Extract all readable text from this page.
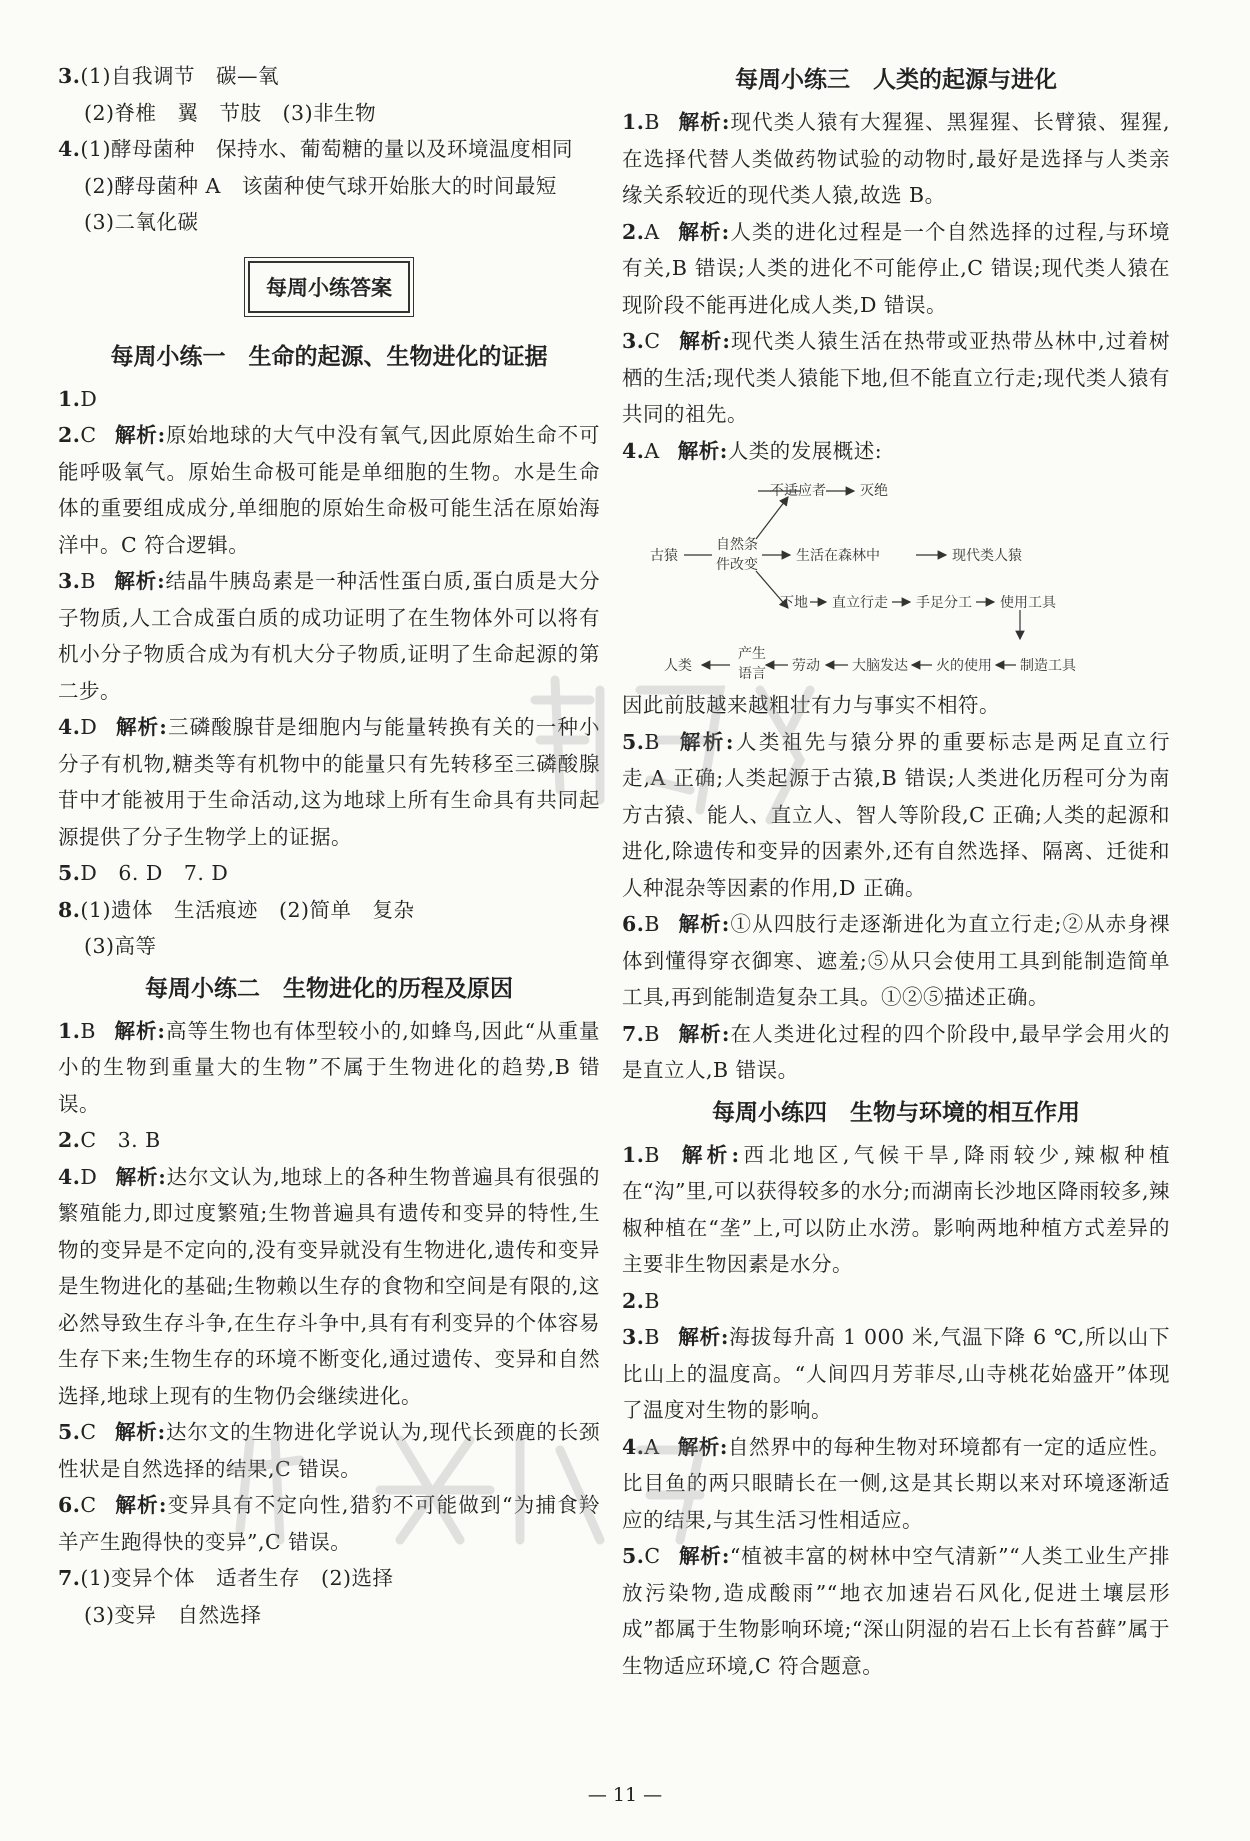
3.(1)自我调节　碳—氧

(2)脊椎　翼　节肢　(3)非生物

4.(1)酵母菌种　保持水、葡萄糖的量以及环境温度相同

(2)酵母菌种 A　该菌种使气球开始胀大的时间最短

(3)二氧化碳

每周小练答案
每周小练一　生命的起源、生物进化的证据

1.D

2.C 解析:原始地球的大气中没有氧气,因此原始生命不可能呼吸氧气。原始生命极可能是单细胞的生物。水是生命体的重要组成成分,单细胞的原始生命极可能生活在原始海洋中。C 符合逻辑。

3.B 解析:结晶牛胰岛素是一种活性蛋白质,蛋白质是大分子物质,人工合成蛋白质的成功证明了在生物体外可以将有机小分子物质合成为有机大分子物质,证明了生命起源的第二步。

4.D 解析:三磷酸腺苷是细胞内与能量转换有关的一种小分子有机物,糖类等有机物中的能量只有先转移至三磷酸腺苷中才能被用于生命活动,这为地球上所有生命具有共同起源提供了分子生物学上的证据。

5.D　6. D　7. D

8.(1)遗体　生活痕迹　(2)简单　复杂

(3)高等

每周小练二　生物进化的历程及原因

1.B 解析:高等生物也有体型较小的,如蜂鸟,因此“从重量小的生物到重量大的生物”不属于生物进化的趋势,B 错误。

2.C　3. B

4.D 解析:达尔文认为,地球上的各种生物普遍具有很强的繁殖能力,即过度繁殖;生物普遍具有遗传和变异的特性,生物的变异是不定向的,没有变异就没有生物进化,遗传和变异是生物进化的基础;生物赖以生存的食物和空间是有限的,这必然导致生存斗争,在生存斗争中,具有有利变异的个体容易生存下来;生物生存的环境不断变化,通过遗传、变异和自然选择,地球上现有的生物仍会继续进化。

5.C 解析:达尔文的生物进化学说认为,现代长颈鹿的长颈性状是自然选择的结果,C 错误。

6.C 解析:变异具有不定向性,猎豹不可能做到“为捕食羚羊产生跑得快的变异”,C 错误。

7.(1)变异个体　适者生存　(2)选择

(3)变异　自然选择

每周小练三　人类的起源与进化

1.B 解析:现代类人猿有大猩猩、黑猩猩、长臂猿、猩猩,在选择代替人类做药物试验的动物时,最好是选择与人类亲缘关系较近的现代类人猿,故选 B。

2.A 解析:人类的进化过程是一个自然选择的过程,与环境有关,B 错误;人类的进化不可能停止,C 错误;现代类人猿在现阶段不能再进化成人类,D 错误。

3.C 解析:现代类人猿生活在热带或亚热带丛林中,过着树栖的生活;现代类人猿能下地,但不能直立行走;现代类人猿有共同的祖先。

4.A 解析:人类的发展概述:

不适应者 灭绝
古猿
自然条
件改变
生活在森林中	现代类人猿
下地 直立行走 手足分工 使用工具
人类
产生
语言 劳动 大脑发达 火的使用 制造工具

因此前肢越来越粗壮有力与事实不相符。

5.B 解析:人类祖先与猿分界的重要标志是两足直立行走,A 正确;人类起源于古猿,B 错误;人类进化历程可分为南方古猿、能人、直立人、智人等阶段,C 正确;人类的起源和进化,除遗传和变异的因素外,还有自然选择、隔离、迁徙和人种混杂等因素的作用,D 正确。

6.B 解析:①从四肢行走逐渐进化为直立行走;②从赤身裸体到懂得穿衣御寒、遮羞;⑤从只会使用工具到能制造简单工具,再到能制造复杂工具。①②⑤描述正确。

7.B 解析:在人类进化过程的四个阶段中,最早学会用火的是直立人,B 错误。

每周小练四　生物与环境的相互作用

1.B 解析:西北地区,气候干旱,降雨较少,辣椒种植在“沟”里,可以获得较多的水分;而湖南长沙地区降雨较多,辣椒种植在“垄”上,可以防止水涝。影响两地种植方式差异的主要非生物因素是水分。

2.B

3.B 解析:海拔每升高 1 000 米,气温下降 6 ℃,所以山下比山上的温度高。“人间四月芳菲尽,山寺桃花始盛开”体现了温度对生物的影响。

4.A 解析:自然界中的每种生物对环境都有一定的适应性。比目鱼的两只眼睛长在一侧,这是其长期以来对环境逐渐适应的结果,与其生活习性相适应。

5.C 解析:“植被丰富的树林中空气清新”“人类工业生产排放污染物,造成酸雨”“地衣加速岩石风化,促进土壤层形成”都属于生物影响环境;“深山阴湿的岩石上长有苔藓”属于生物适应环境,C 符合题意。

— 11 —
